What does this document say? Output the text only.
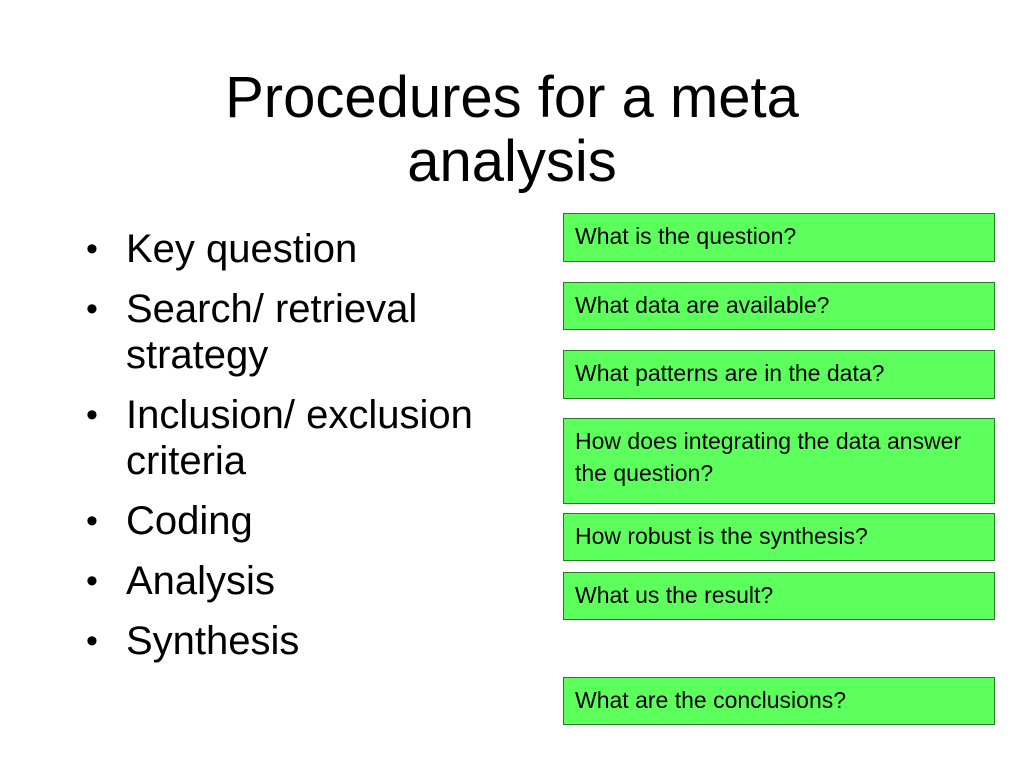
Procedures for a meta
analysis
• Key question
• Search/ retrieval strategy
• Inclusion/ exclusion criteria
• Coding
• Analysis
• Synthesis
What is the question?
What data are available?
What patterns are in the data?
How does integrating the data answer the question?
How robust is the synthesis?
What us the result?
What are the conclusions?
